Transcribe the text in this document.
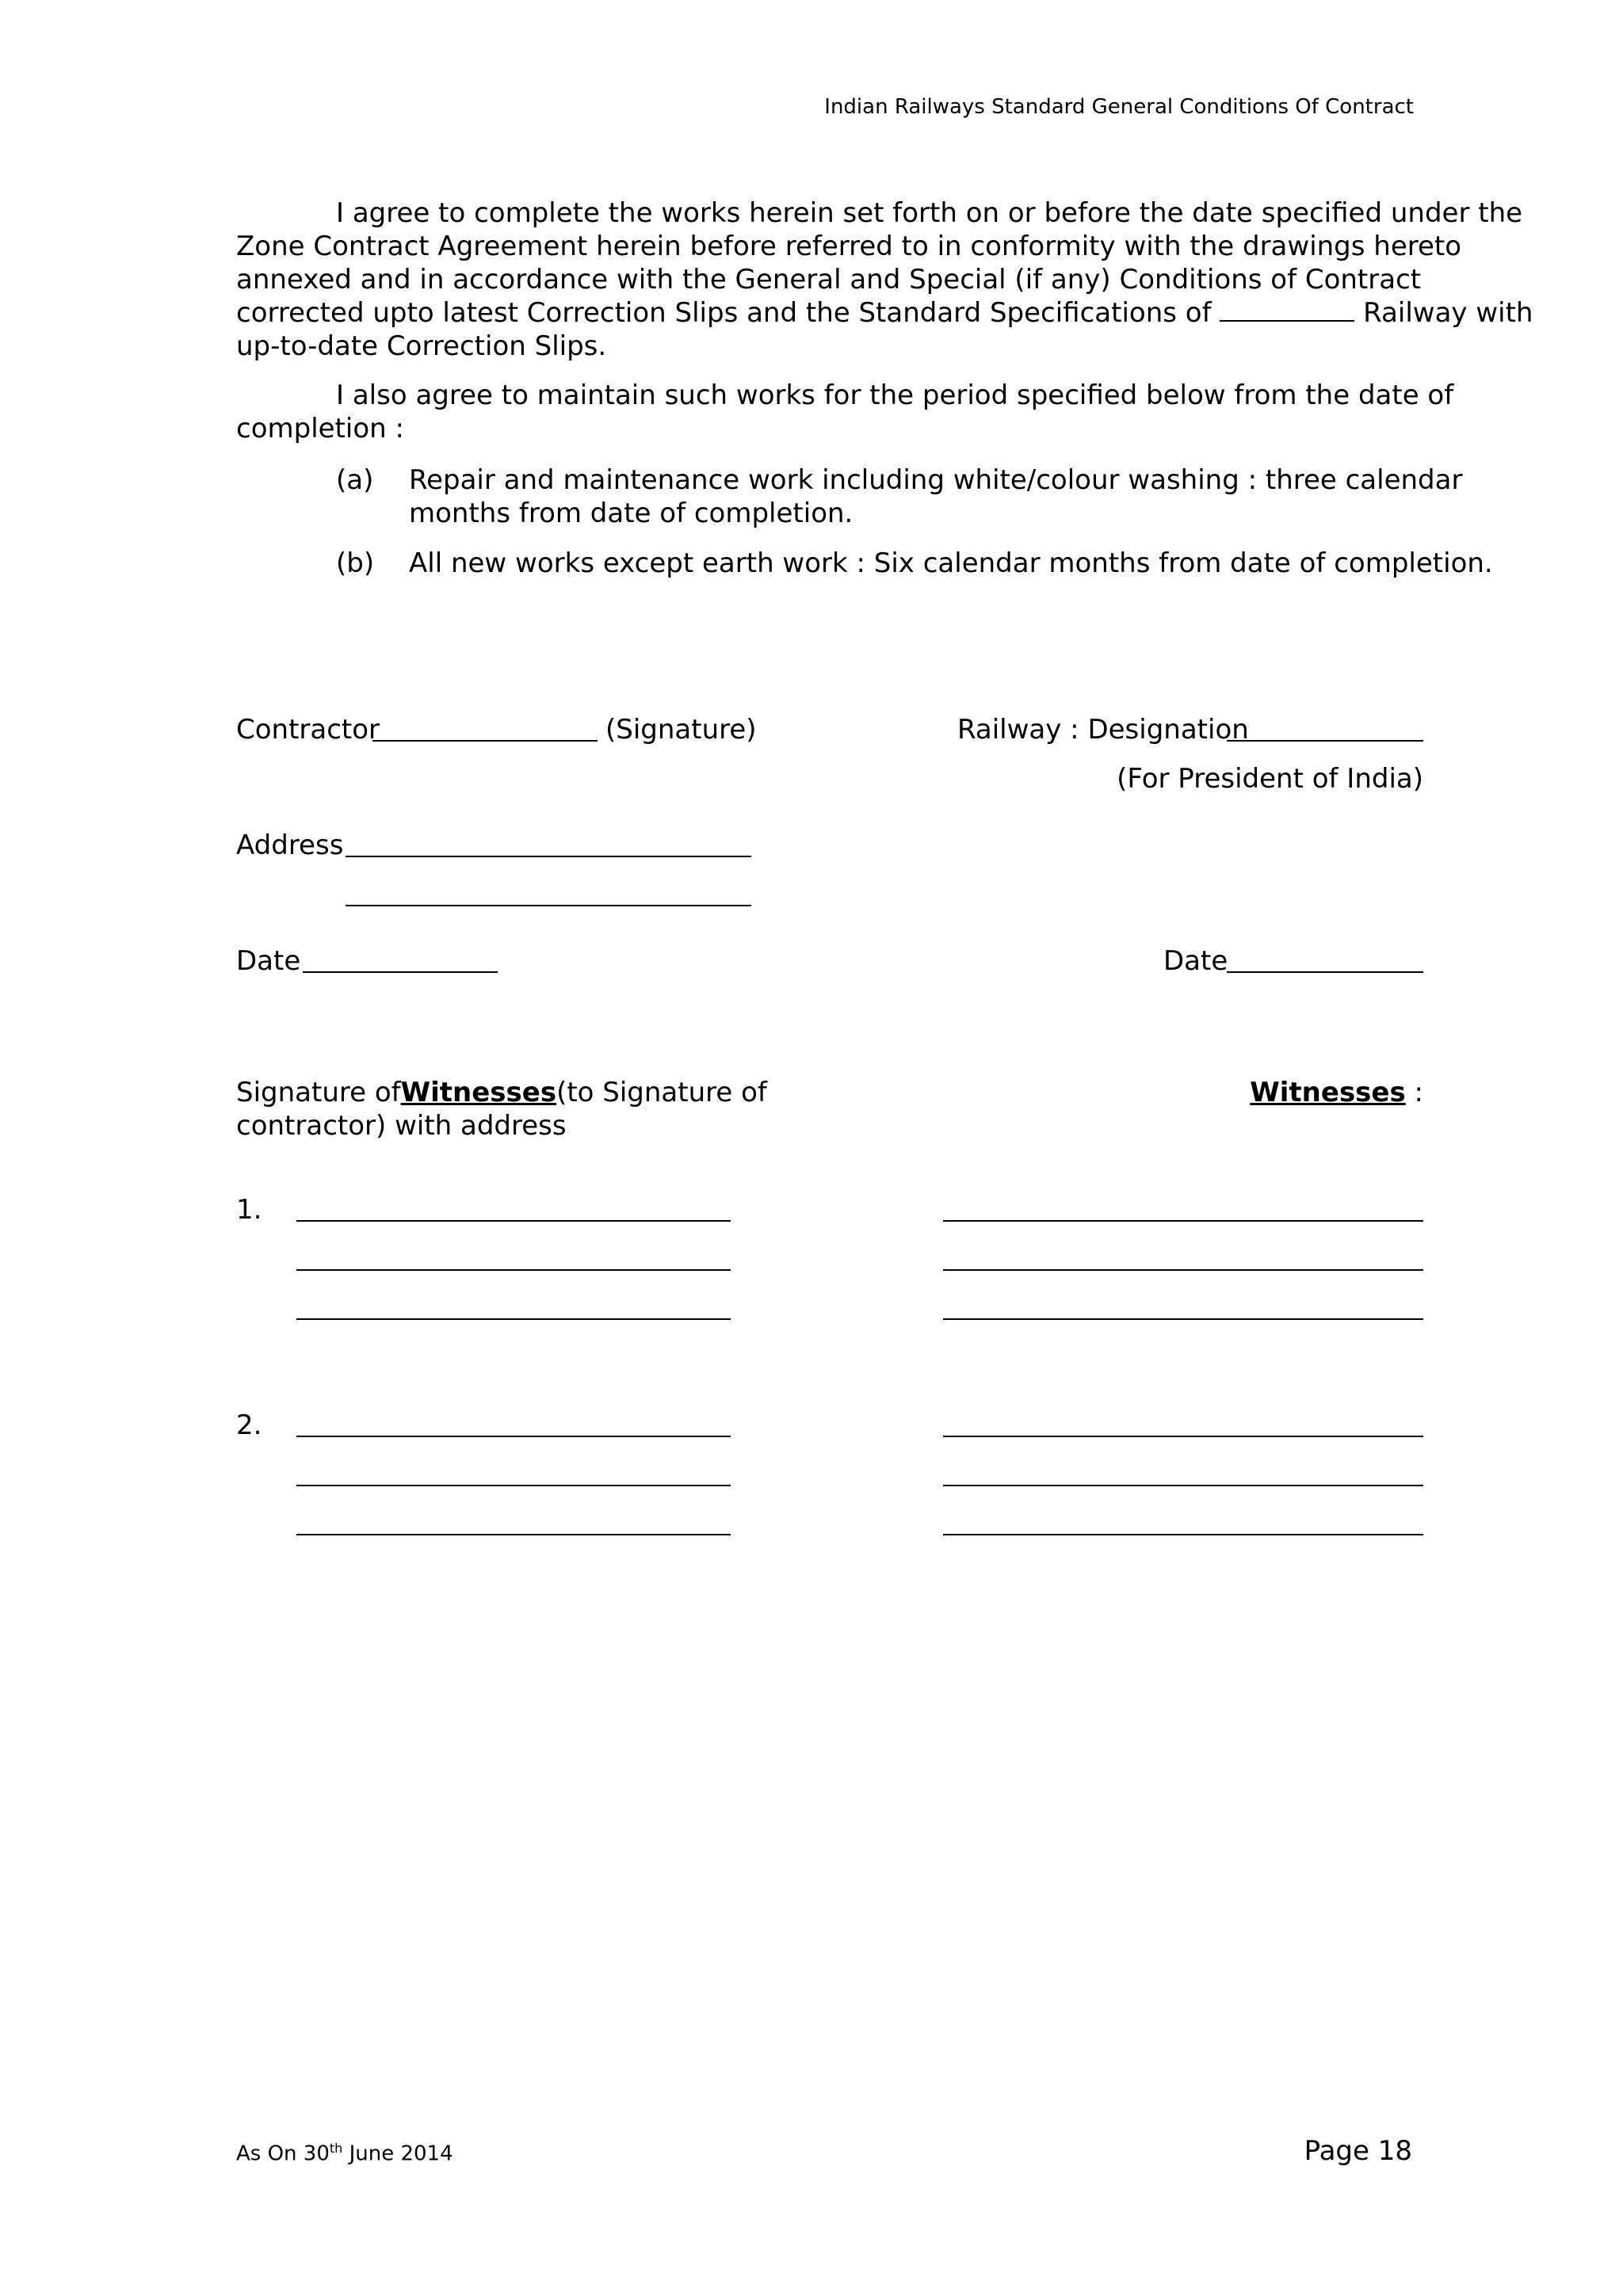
Indian Railways Standard General Conditions Of Contract
I agree to complete the works herein set forth on or before the date specified under the
Zone Contract Agreement herein before referred to in conformity with the drawings hereto
annexed and in accordance with the General and Special (if any) Conditions of Contract
corrected upto latest Correction Slips and the Standard Specifications of	Railway with
up-to-date Correction Slips.
I also agree to maintain such works for the period specified below from the date of
completion :
(a) Repair and maintenance work including white/colour washing : three calendar
months from date of completion.
(b) All new works except earth work : Six calendar months from date of completion.
Contractor	(Signature)	Railway : Designation
(For President of India)
Address
Date	Date
Signature of Witnesses (to Signature of
contractor) with address
Witnesses :
1.
2.
As On 30th June 2014	Page 18
